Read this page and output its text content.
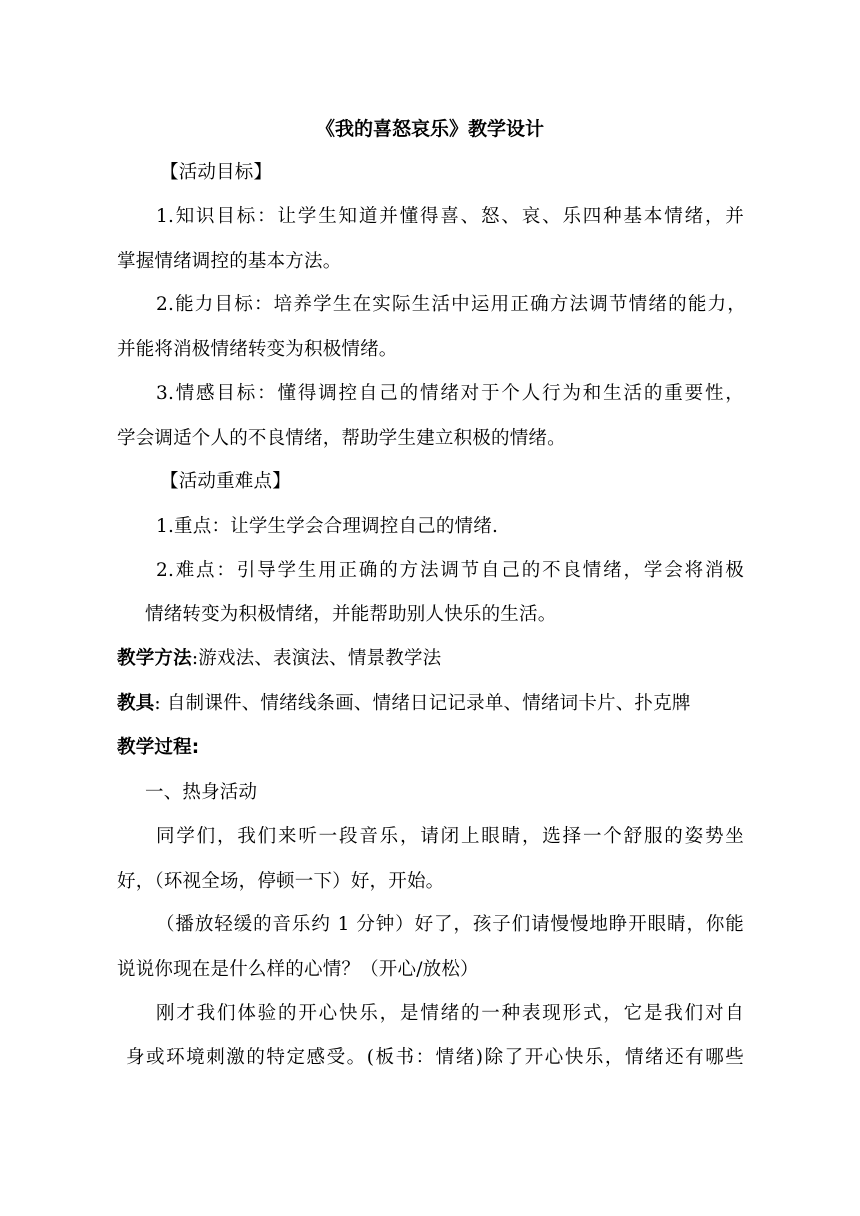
《我的喜怒哀乐》教学设计
【活动目标】
1.知识目标：让学生知道并懂得喜、怒、哀、乐四种基本情绪，并
掌握情绪调控的基本方法。
2.能力目标：培养学生在实际生活中运用正确方法调节情绪的能力，
并能将消极情绪转变为积极情绪。
3.情感目标：懂得调控自己的情绪对于个人行为和生活的重要性，
学会调适个人的不良情绪，帮助学生建立积极的情绪。
【活动重难点】
1.重点：让学生学会合理调控自己的情绪.
2.难点：引导学生用正确的方法调节自己的不良情绪，学会将消极
情绪转变为积极情绪，并能帮助别人快乐的生活。
教学方法:游戏法、表演法、情景教学法
教具: 自制课件、情绪线条画、情绪日记记录单、情绪词卡片、扑克牌
教学过程:
一、热身活动
同学们，我们来听一段音乐，请闭上眼睛，选择一个舒服的姿势坐
好，（环视全场，停顿一下）好，开始。
（播放轻缓的音乐约 1 分钟）好了，孩子们请慢慢地睁开眼睛，你能
说说你现在是什么样的心情？（开心/放松）
刚才我们体验的开心快乐，是情绪的一种表现形式，它是我们对自
身或环境刺激的特定感受。(板书：情绪)除了开心快乐，情绪还有哪些
